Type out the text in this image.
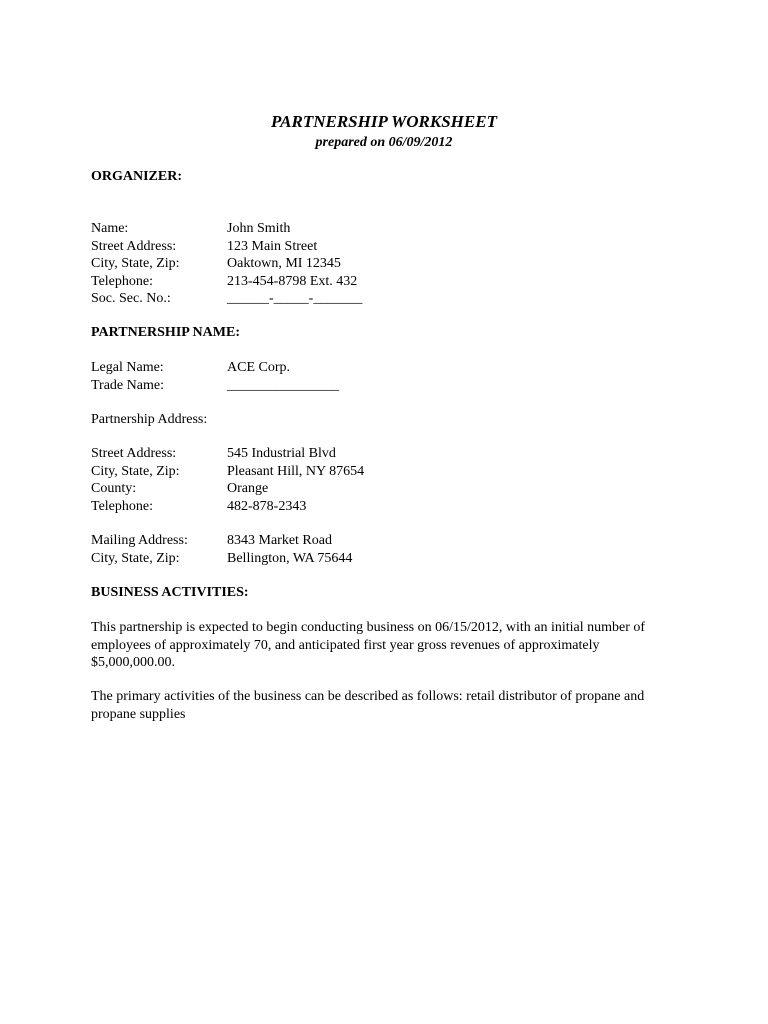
PARTNERSHIP WORKSHEET
prepared on 06/09/2012
ORGANIZER:
Name:	John Smith
Street Address:	123 Main Street
City, State, Zip:	Oaktown, MI 12345
Telephone:	213-454-8798 Ext. 432
Soc. Sec. No.:	______-_____-_______
PARTNERSHIP NAME:
Legal Name:	ACE Corp.
Trade Name:	________________
Partnership Address:
Street Address:	545 Industrial Blvd
City, State, Zip:	Pleasant Hill, NY 87654
County:	Orange
Telephone:	482-878-2343
Mailing Address:	8343 Market Road
City, State, Zip:	Bellington, WA 75644
BUSINESS ACTIVITIES:
This partnership is expected to begin conducting business on 06/15/2012, with an initial number of
employees of approximately 70, and anticipated first year gross revenues of approximately
$5,000,000.00.
The primary activities of the business can be described as follows: retail distributor of propane and
propane supplies
